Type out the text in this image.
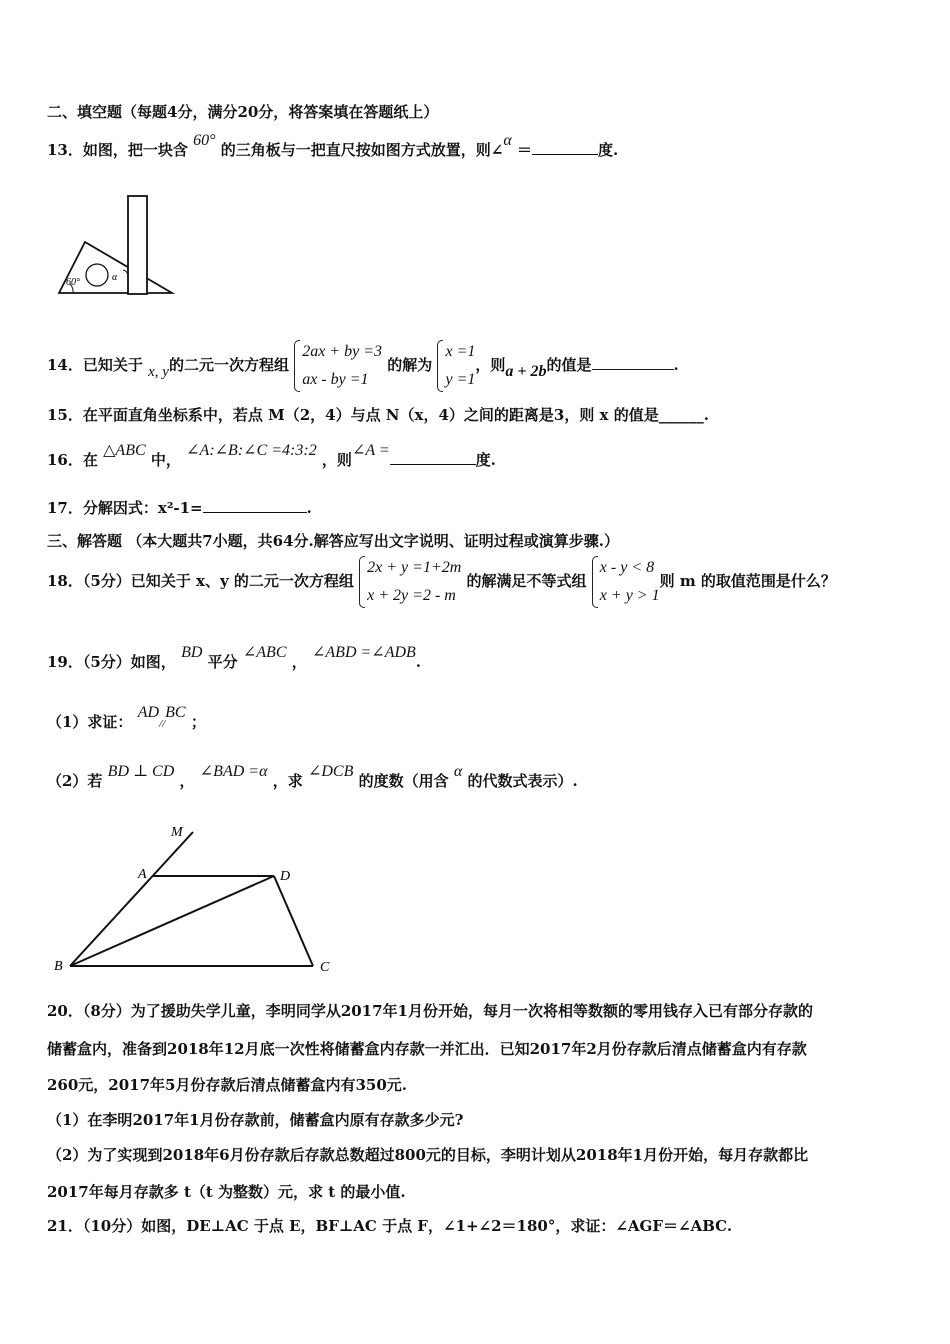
二、填空题（每题4分，满分20分，将答案填在答题纸上）
13．如图，把一块含 60° 的三角板与一把直尺按如图方式放置，则∠α ＝	度.
60°	α
14．已知关于 x, y的二元一次方程组
2ax + by =3
ax - by =1
的解为
x =1
y =1
，则a + 2b的值是	.
15．在平面直角坐标系中，若点 M（2，4）与点 N（x，4）之间的距离是3，则 x 的值是______.
16．在 △ABC 中， ∠A:∠B:∠C =4:3:2 ，则∠A =度.
17．分解因式：x²-1=	.
三、解答题 （本大题共7小题，共64分.解答应写出文字说明、证明过程或演算步骤.）
18．（5分）已知关于 x、y 的二元一次方程组
2x + y =1+2m
x + 2y =2 - m
的解满足不等式组
x - y < 8
x + y > 1
则 m 的取值范围是什么？
19．（5分）如图， BD 平分 ∠ABC ， ∠ABD =∠ADB.
（1）求证： AD//BC ；
（2）若 BD ⊥ CD ， ∠BAD =α ，求 ∠DCB 的度数（用含 α 的代数式表示）.
M
A	D
B	C
20．（8分）为了援助失学儿童，李明同学从2017年1月份开始，每月一次将相等数额的零用钱存入已有部分存款的
储蓄盒内，准备到2018年12月底一次性将储蓄盒内存款一并汇出．已知2017年2月份存款后清点储蓄盒内有存款
260元，2017年5月份存款后清点储蓄盒内有350元.
（1）在李明2017年1月份存款前，储蓄盒内原有存款多少元?
（2）为了实现到2018年6月份存款后存款总数超过800元的目标，李明计划从2018年1月份开始，每月存款都比
2017年每月存款多 t（t 为整数）元，求 t 的最小值.
21．（10分）如图，DE⊥AC 于点 E，BF⊥AC 于点 F，∠1+∠2＝180°，求证：∠AGF＝∠ABC.
